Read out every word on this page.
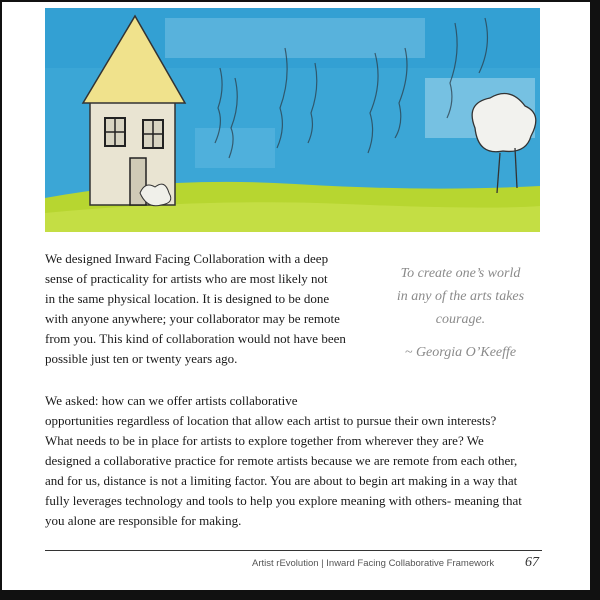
We designed Inward Facing Collaboration with a deep
sense of practicality for artists who are most likely not
in the same physical location. It is designed to be done
with anyone anywhere; your collaborator may be remote
from you. This kind of collaboration would not have been
possible just ten or twenty years ago.
To create one’s world
in any of the arts takes
courage.
~ Georgia O’Keeffe
We asked: how can we offer artists collaborative
opportunities regardless of location that allow each artist to pursue their own interests?
What needs to be in place for artists to explore together from wherever they are? We
designed a collaborative practice for remote artists because we are remote from each other,
and for us, distance is not a limiting factor. You are about to begin art making in a way that
fully leverages technology and tools to help you explore meaning with others- meaning that
you alone are responsible for making.
Artist rEvolution | Inward Facing Collaborative Framework 67
